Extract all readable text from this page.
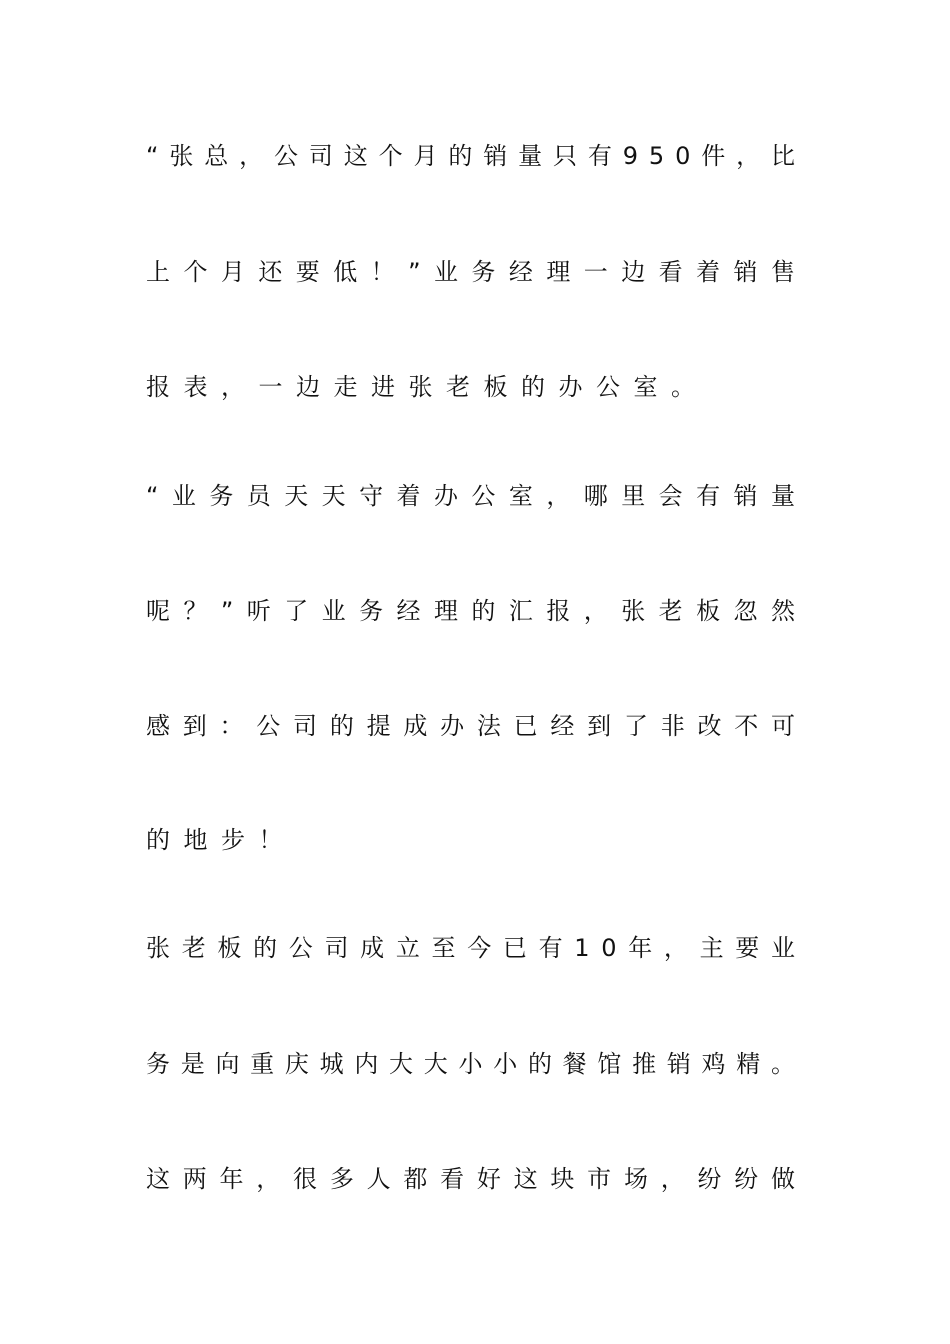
“张总，公司这个月的销量只有950件，比
上个月还要低！”业务经理一边看着销售
报表，一边走进张老板的办公室。
“业务员天天守着办公室，哪里会有销量
呢？”听了业务经理的汇报，张老板忽然
感到：公司的提成办法已经到了非改不可
的地步！
张老板的公司成立至今已有10年，主要业
务是向重庆城内大大小小的餐馆推销鸡精。
这两年，很多人都看好这块市场，纷纷做
